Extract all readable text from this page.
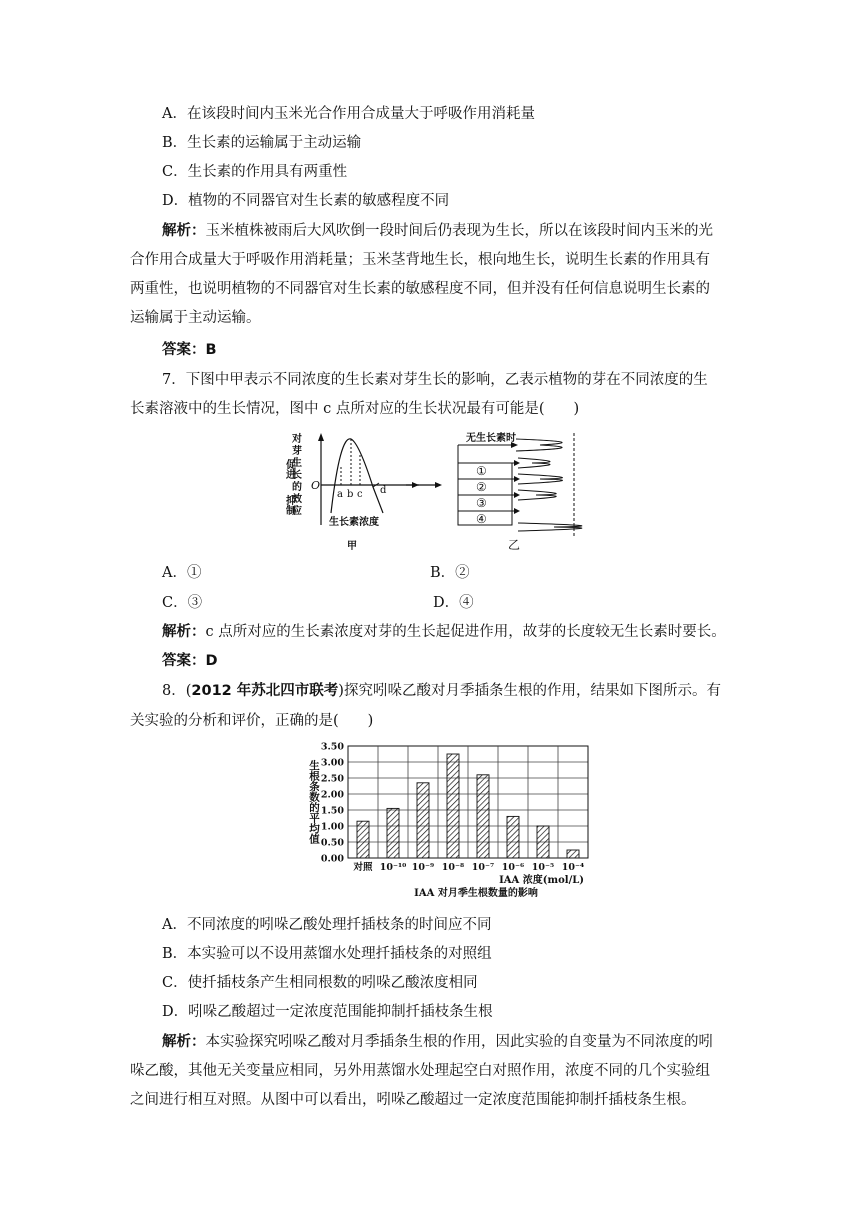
A．在该段时间内玉米光合作用合成量大于呼吸作用消耗量
B．生长素的运输属于主动运输
C．生长素的作用具有两重性
D．植物的不同器官对生长素的敏感程度不同
解析：玉米植株被雨后大风吹倒一段时间后仍表现为生长，所以在该段时间内玉米的光
合作用合成量大于呼吸作用消耗量；玉米茎背地生长，根向地生长，说明生长素的作用具有
两重性，也说明植物的不同器官对生长素的敏感程度不同，但并没有任何信息说明生长素的
运输属于主动运输。
答案：B
7．下图中甲表示不同浓度的生长素对芽生长的影响，乙表示植物的芽在不同浓度的生
长素溶液中的生长情况，图中 c 点所对应的生长状况最有可能是(　　)
促进
抑制
O
a b c d
生长素浓度
甲
对芽生长的效应
无生长素时
①
②
③
④
乙
A．①	B．②
C．③	D．④
解析：c 点所对应的生长素浓度对芽的生长起促进作用，故芽的长度较无生长素时要长。
答案：D
8．(2012 年苏北四市联考)探究吲哚乙酸对月季插条生根的作用，结果如下图所示。有
关实验的分析和评价，正确的是(　　)
0.00
0.50
1.00
1.50
2.00
2.50
3.00
3.50
对照 10⁻¹⁰ 10⁻⁹ 10⁻⁸ 10⁻⁷ 10⁻⁶ 10⁻⁵ 10⁻⁴
生根条数的平均值
IAA 浓度(mol/L)
IAA 对月季生根数量的影响
A．不同浓度的吲哚乙酸处理扦插枝条的时间应不同
B．本实验可以不设用蒸馏水处理扦插枝条的对照组
C．使扦插枝条产生相同根数的吲哚乙酸浓度相同
D．吲哚乙酸超过一定浓度范围能抑制扦插枝条生根
解析：本实验探究吲哚乙酸对月季插条生根的作用，因此实验的自变量为不同浓度的吲
哚乙酸，其他无关变量应相同，另外用蒸馏水处理起空白对照作用，浓度不同的几个实验组
之间进行相互对照。从图中可以看出，吲哚乙酸超过一定浓度范围能抑制扦插枝条生根。
